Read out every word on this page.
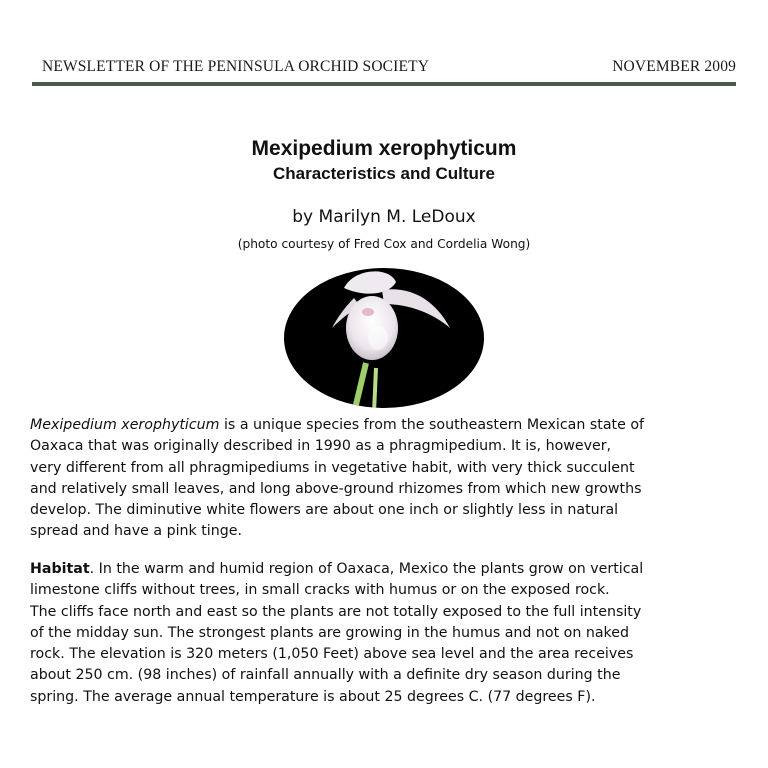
NEWSLETTER OF THE PENINSULA ORCHID SOCIETY	NOVEMBER 2009
Mexipedium xerophyticum
Characteristics and Culture
by Marilyn M. LeDoux
(photo courtesy of Fred Cox and Cordelia Wong)
Mexipedium xerophyticum is a unique species from the southeastern Mexican state of
Oaxaca that was originally described in 1990 as a phragmipedium. It is, however,
very different from all phragmipediums in vegetative habit, with very thick succulent
and relatively small leaves, and long above-ground rhizomes from which new growths
develop. The diminutive white flowers are about one inch or slightly less in natural
spread and have a pink tinge.
Habitat. In the warm and humid region of Oaxaca, Mexico the plants grow on vertical
limestone cliffs without trees, in small cracks with humus or on the exposed rock.
The cliffs face north and east so the plants are not totally exposed to the full intensity
of the midday sun. The strongest plants are growing in the humus and not on naked
rock. The elevation is 320 meters (1,050 Feet) above sea level and the area receives
about 250 cm. (98 inches) of rainfall annually with a definite dry season during the
spring. The average annual temperature is about 25 degrees C. (77 degrees F).
